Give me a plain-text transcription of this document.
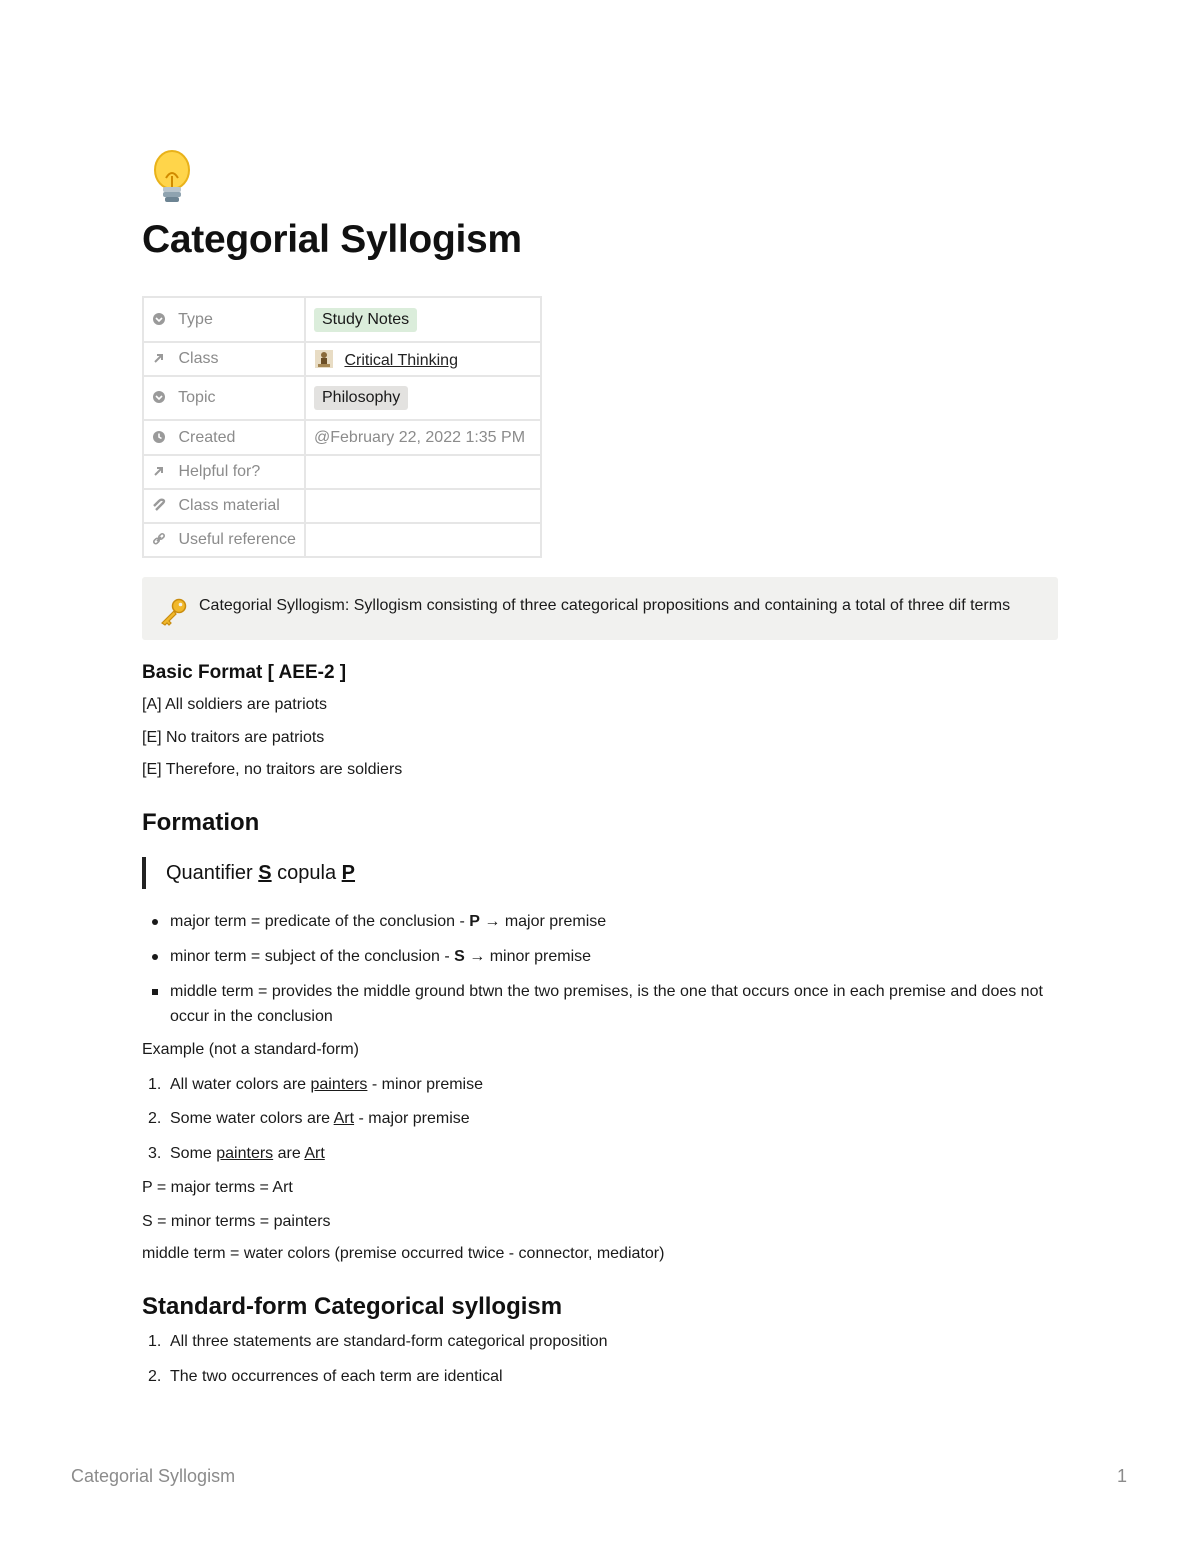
Categorial Syllogism
Type	Study Notes
Class	Critical Thinking
Topic	Philosophy
Created	@February 22, 2022 1:35 PM
Helpful for?	
Class material	
Useful reference	
Categorial Syllogism: Syllogism consisting of three categorical propositions and containing a total of three dif terms
Basic Format [ AEE-2 ]

[A] All soldiers are patriots

[E] No traitors are patriots

[E] Therefore, no traitors are soldiers

Formation
Quantifier S copula P
major term = predicate of the conclusion - P → major premise
minor term = subject of the conclusion - S → minor premise
middle term = provides the middle ground btwn the two premises, is the one that occurs once in each premise and does not occur in the conclusion

Example (not a standard-form)

1. All water colors are painters - minor premise
2. Some water colors are Art - major premise
3. Some painters are Art

P = major terms = Art

S = minor terms = painters

middle term = water colors (premise occurred twice - connector, mediator)

Standard-form Categorical syllogism
1. All three statements are standard-form categorical proposition
2. The two occurrences of each term are identical
Categorial Syllogism	1
